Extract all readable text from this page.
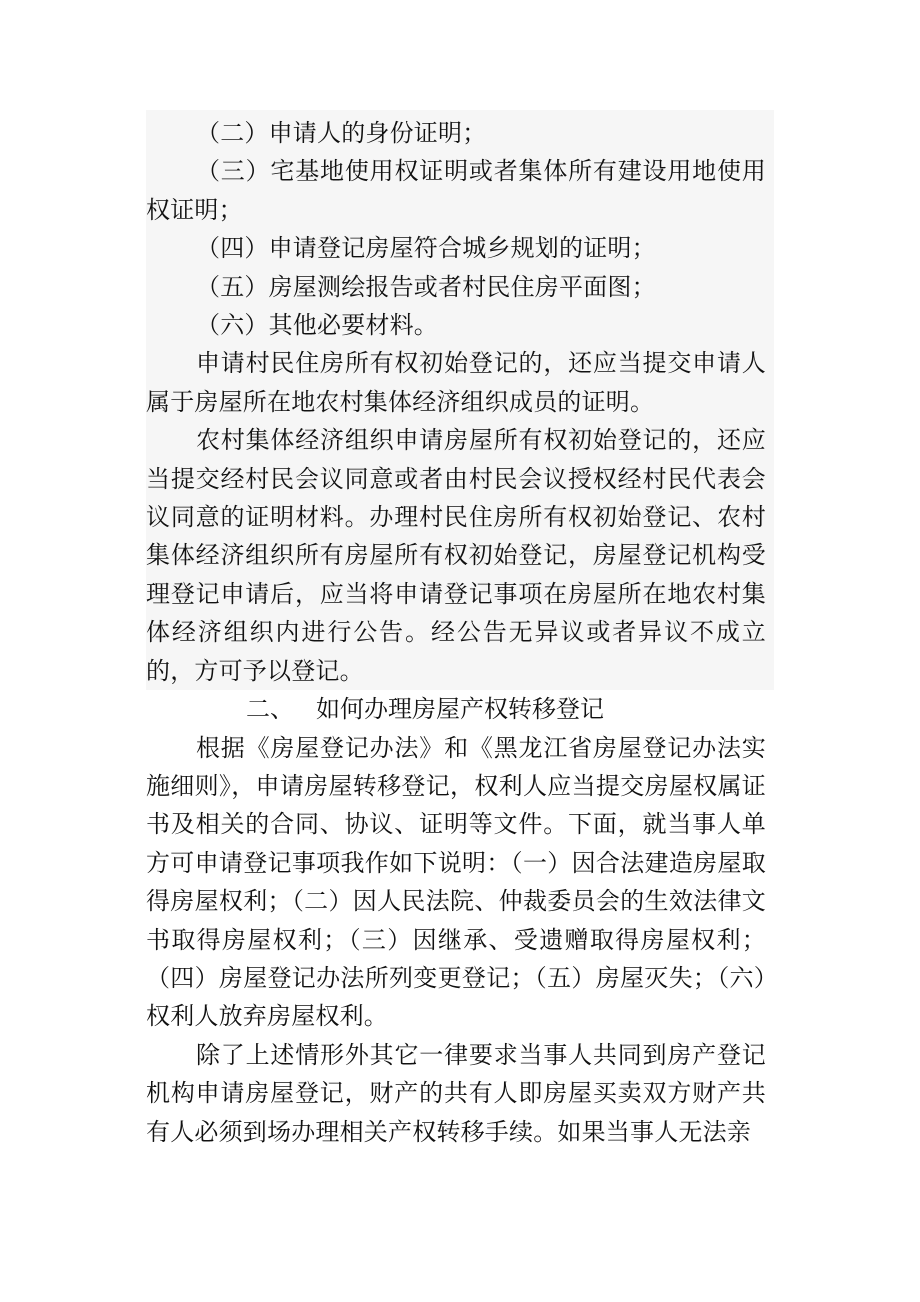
（二）申请人的身份证明；

（三）宅基地使用权证明或者集体所有建设用地使用权证明；

（四）申请登记房屋符合城乡规划的证明；

（五）房屋测绘报告或者村民住房平面图；

（六）其他必要材料。

申请村民住房所有权初始登记的，还应当提交申请人属于房屋所在地农村集体经济组织成员的证明。

农村集体经济组织申请房屋所有权初始登记的，还应当提交经村民会议同意或者由村民会议授权经村民代表会议同意的证明材料。办理村民住房所有权初始登记、农村集体经济组织所有房屋所有权初始登记，房屋登记机构受理登记申请后，应当将申请登记事项在房屋所在地农村集体经济组织内进行公告。经公告无异议或者异议不成立的，方可予以登记。

二、 如何办理房屋产权转移登记

根据《房屋登记办法》和《黑龙江省房屋登记办法实施细则》，申请房屋转移登记，权利人应当提交房屋权属证书及相关的合同、协议、证明等文件。下面，就当事人单方可申请登记事项我作如下说明：（一）因合法建造房屋取得房屋权利；（二）因人民法院、仲裁委员会的生效法律文书取得房屋权利；（三）因继承、受遗赠取得房屋权利；（四）房屋登记办法所列变更登记；（五）房屋灭失；（六）权利人放弃房屋权利。

除了上述情形外其它一律要求当事人共同到房产登记机构申请房屋登记，财产的共有人即房屋买卖双方财产共有人必须到场办理相关产权转移手续。如果当事人无法亲
